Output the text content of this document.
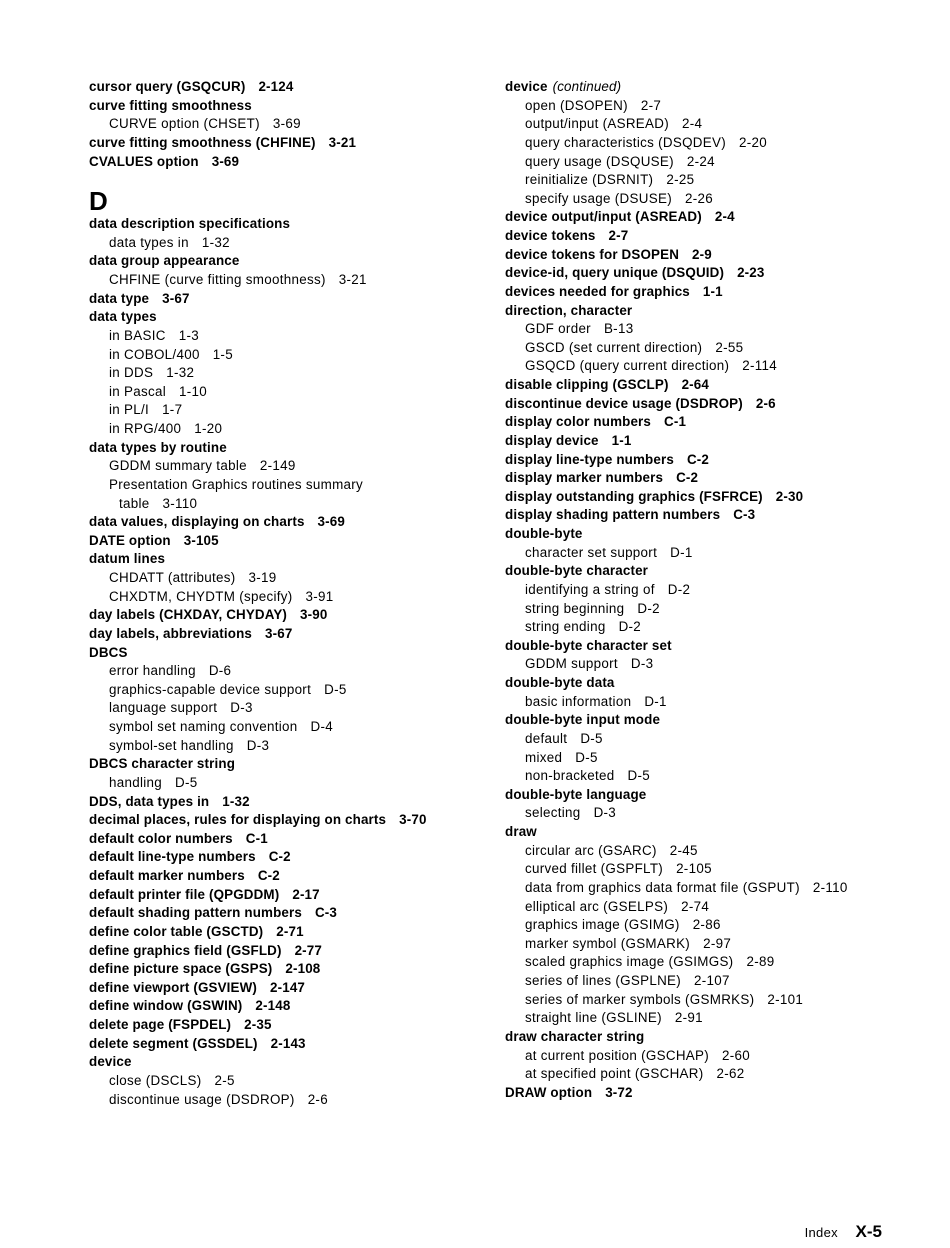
cursor query (GSQCUR) 2-124
curve fitting smoothness
CURVE option (CHSET) 3-69
curve fitting smoothness (CHFINE) 3-21
CVALUES option 3-69
D
data description specifications
data types in 1-32
data group appearance
CHFINE (curve fitting smoothness) 3-21
data type 3-67
data types
in BASIC 1-3
in COBOL/400 1-5
in DDS 1-32
in Pascal 1-10
in PL/I 1-7
in RPG/400 1-20
data types by routine
GDDM summary table 2-149
Presentation Graphics routines summary
table 3-110
data values, displaying on charts 3-69
DATE option 3-105
datum lines
CHDATT (attributes) 3-19
CHXDTM, CHYDTM (specify) 3-91
day labels (CHXDAY, CHYDAY) 3-90
day labels, abbreviations 3-67
DBCS
error handling D-6
graphics-capable device support D-5
language support D-3
symbol set naming convention D-4
symbol-set handling D-3
DBCS character string
handling D-5
DDS, data types in 1-32
decimal places, rules for displaying on charts 3-70
default color numbers C-1
default line-type numbers C-2
default marker numbers C-2
default printer file (QPGDDM) 2-17
default shading pattern numbers C-3
define color table (GSCTD) 2-71
define graphics field (GSFLD) 2-77
define picture space (GSPS) 2-108
define viewport (GSVIEW) 2-147
define window (GSWIN) 2-148
delete page (FSPDEL) 2-35
delete segment (GSSDEL) 2-143
device
close (DSCLS) 2-5
discontinue usage (DSDROP) 2-6
device (continued)
open (DSOPEN) 2-7
output/input (ASREAD) 2-4
query characteristics (DSQDEV) 2-20
query usage (DSQUSE) 2-24
reinitialize (DSRNIT) 2-25
specify usage (DSUSE) 2-26
device output/input (ASREAD) 2-4
device tokens 2-7
device tokens for DSOPEN 2-9
device-id, query unique (DSQUID) 2-23
devices needed for graphics 1-1
direction, character
GDF order B-13
GSCD (set current direction) 2-55
GSQCD (query current direction) 2-114
disable clipping (GSCLP) 2-64
discontinue device usage (DSDROP) 2-6
display color numbers C-1
display device 1-1
display line-type numbers C-2
display marker numbers C-2
display outstanding graphics (FSFRCE) 2-30
display shading pattern numbers C-3
double-byte
character set support D-1
double-byte character
identifying a string of D-2
string beginning D-2
string ending D-2
double-byte character set
GDDM support D-3
double-byte data
basic information D-1
double-byte input mode
default D-5
mixed D-5
non-bracketed D-5
double-byte language
selecting D-3
draw
circular arc (GSARC) 2-45
curved fillet (GSPFLT) 2-105
data from graphics data format file (GSPUT) 2-110
elliptical arc (GSELPS) 2-74
graphics image (GSIMG) 2-86
marker symbol (GSMARK) 2-97
scaled graphics image (GSIMGS) 2-89
series of lines (GSPLNE) 2-107
series of marker symbols (GSMRKS) 2-101
straight line (GSLINE) 2-91
draw character string
at current position (GSCHAP) 2-60
at specified point (GSCHAR) 2-62
DRAW option 3-72
Index X-5
